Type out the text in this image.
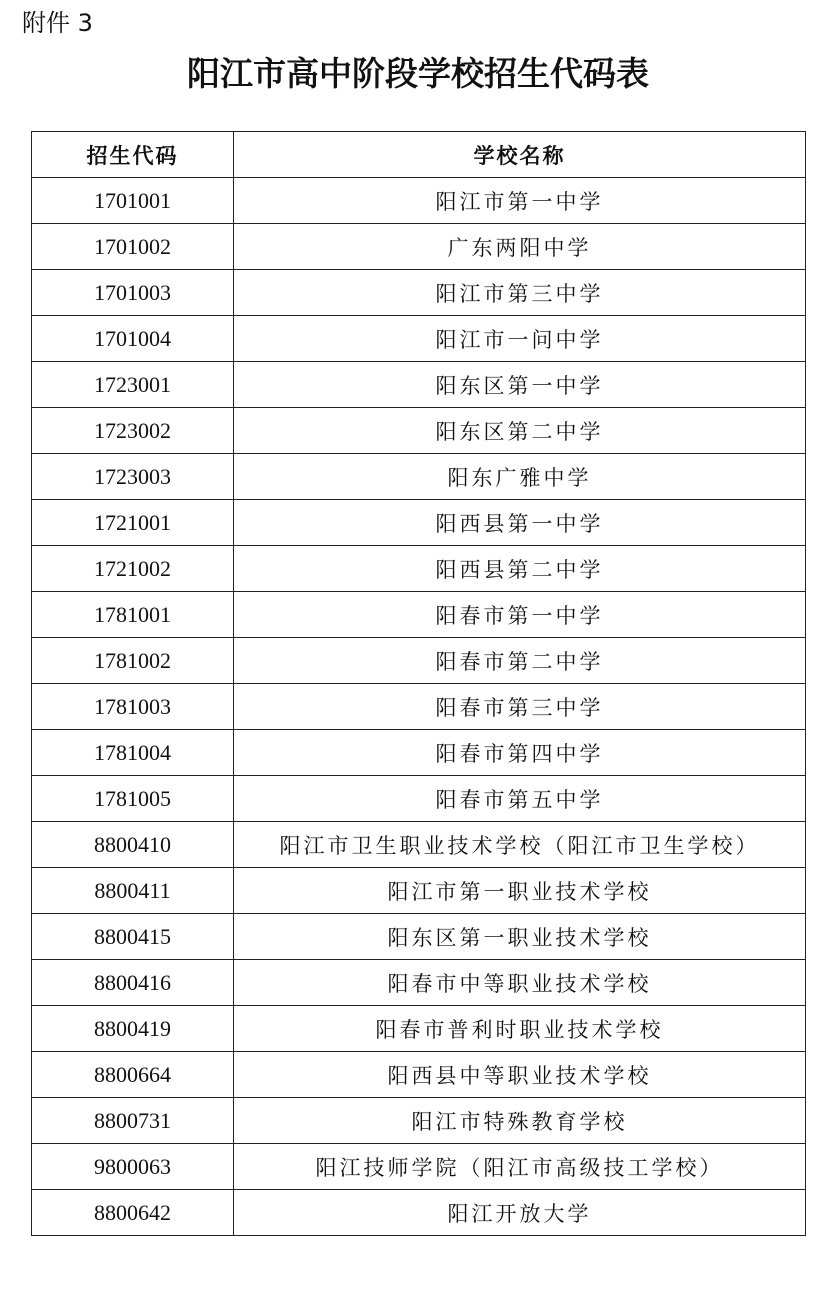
附件 3
阳江市高中阶段学校招生代码表
招生代码	学校名称
1701001	阳江市第一中学
1701002	广东两阳中学
1701003	阳江市第三中学
1701004	阳江市一问中学
1723001	阳东区第一中学
1723002	阳东区第二中学
1723003	阳东广雅中学
1721001	阳西县第一中学
1721002	阳西县第二中学
1781001	阳春市第一中学
1781002	阳春市第二中学
1781003	阳春市第三中学
1781004	阳春市第四中学
1781005	阳春市第五中学
8800410	阳江市卫生职业技术学校（阳江市卫生学校）
8800411	阳江市第一职业技术学校
8800415	阳东区第一职业技术学校
8800416	阳春市中等职业技术学校
8800419	阳春市普利时职业技术学校
8800664	阳西县中等职业技术学校
8800731	阳江市特殊教育学校
9800063	阳江技师学院（阳江市高级技工学校）
8800642	阳江开放大学
